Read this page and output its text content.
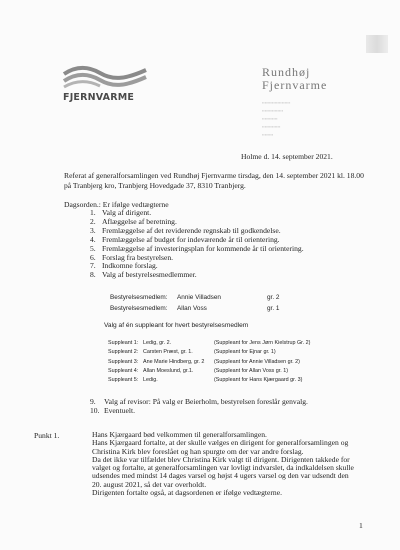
FJERNVARME
Rundhøj
Fjernvarme
▪▪▪▪▪▪▪▪▪▪▪▪▪▪▪▪▪▪▪▪
▪▪▪▪▪▪▪▪▪▪▪▪▪▪▪
▪▪▪▪▪▪▪▪▪▪▪
▪▪▪▪▪▪▪▪▪▪▪▪▪
▪▪▪▪▪▪▪▪
Holme d. 14. september 2021.
Referat af generalforsamlingen ved Rundhøj Fjernvarme tirsdag, den 14. september 2021 kl. 18.00 på Tranbjerg kro, Tranbjerg Hovedgade 37, 8310 Tranbjerg.
Dagsorden.: Er ifølge vedtægterne
1. Valg af dirigent.
2. Aflæggelse af beretning.
3. Fremlæggelse af det reviderende regnskab til godkendelse.
4. Fremlæggelse af budget for indeværende år til orientering.
5. Fremlæggelse af investeringsplan for kommende år til orientering.
6. Forslag fra bestyrelsen.
7. Indkomne forslag.
8. Valg af bestyrelsesmedlemmer.
Bestyrelsesmedlem:	Annie Villadsen	gr. 2
Bestyrelsesmedlem:	Allan Voss	gr. 1
Valg af én suppleant for hvert bestyrelsesmedlem
Suppleant 1: Ledig, gr. 2.	(Suppleant for Jens Jørn Kielstrup Gr. 2)
Suppleant 2: Carsten Præst, gr. 1.	(Suppleant for Ejnar gr. 1)
Suppleant 3: Ane Marie Hindberg, gr. 2	(Suppleant for Annie Villadsen gr. 2)
Suppleant 4: Allan Moeslund, gr.1.	(Suppleant for Allan Voss gr. 1)
Suppleant 5: Ledig.	(Suppleant for Hans Kjærgaard gr. 3)
9.	Valg af revisor: På valg er Beierholm, bestyrelsen foreslår genvalg.
10. Eventuelt.
Punkt 1.	Hans Kjærgaard bød velkommen til generalforsamlingen.

Hans Kjærgaard fortalte, at der skulle vælges en dirigent for generalforsamlingen og Christina Kirk blev foreslået og han spurgte om der var andre forslag.

Da det ikke var tilfældet blev Christina Kirk valgt til dirigent. Dirigenten takkede for valget og fortalte, at generalforsamlingen var lovligt indvarslet, da indkaldelsen skulle udsendes med mindst 14 dages varsel og højst 4 ugers varsel og den var udsendt den 20. august 2021, så det var overholdt.

Dirigenten fortalte også, at dagsordenen er ifølge vedtægterne.

1
